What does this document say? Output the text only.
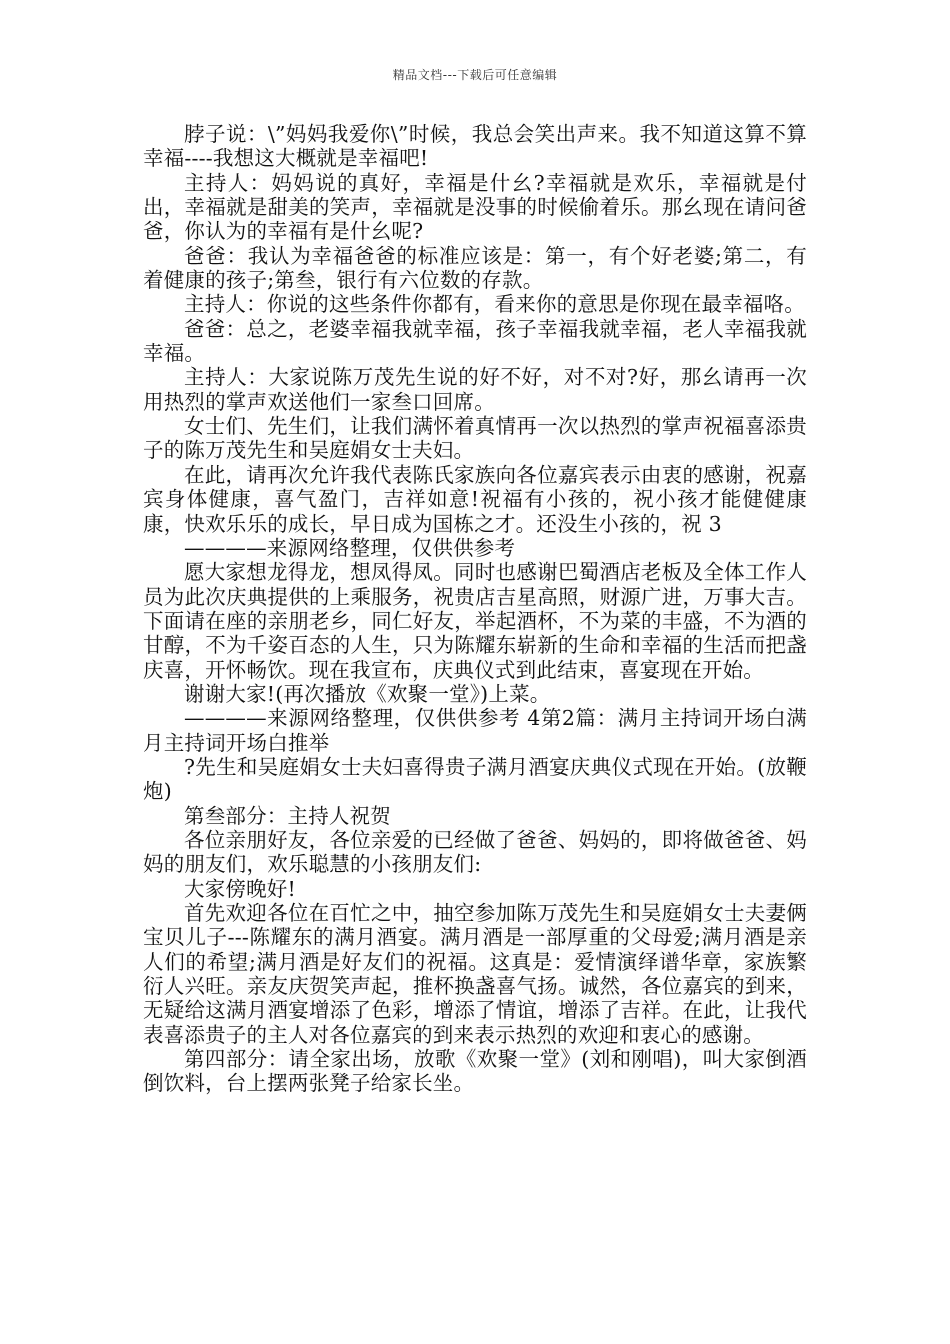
精品文档---下载后可任意编辑

脖子说：\”妈妈我爱你\”时候，我总会笑出声来。我不知道这算不算幸福----我想这大概就是幸福吧!

主持人：妈妈说的真好，幸福是什幺?幸福就是欢乐，幸福就是付出，幸福就是甜美的笑声，幸福就是没事的时候偷着乐。那幺现在请问爸爸，你认为的幸福有是什幺呢?

爸爸：我认为幸福爸爸的标准应该是：第一，有个好老婆;第二，有着健康的孩子;第叁，银行有六位数的存款。

主持人：你说的这些条件你都有，看来你的意思是你现在最幸福咯。

爸爸：总之，老婆幸福我就幸福，孩子幸福我就幸福，老人幸福我就幸福。

主持人：大家说陈万茂先生说的好不好，对不对?好，那幺请再一次用热烈的掌声欢送他们一家叁口回席。

女士们、先生们，让我们满怀着真情再一次以热烈的掌声祝福喜添贵子的陈万茂先生和吴庭娟女士夫妇。

在此，请再次允许我代表陈氏家族向各位嘉宾表示由衷的感谢，祝嘉宾身体健康，喜气盈门，吉祥如意!祝福有小孩的，祝小孩才能健健康康，快欢乐乐的成长，早日成为国栋之才。还没生小孩的，祝 3

————来源网络整理，仅供供参考

愿大家想龙得龙，想凤得凤。同时也感谢巴蜀酒店老板及全体工作人员为此次庆典提供的上乘服务，祝贵店吉星高照，财源广进，万事大吉。下面请在座的亲朋老乡，同仁好友，举起酒杯，不为菜的丰盛，不为酒的甘醇，不为千姿百态的人生，只为陈耀东崭新的生命和幸福的生活而把盏庆喜，开怀畅饮。现在我宣布，庆典仪式到此结束，喜宴现在开始。

谢谢大家!(再次播放《欢聚一堂》)上菜。

————来源网络整理，仅供供参考 4第2篇：满月主持词开场白满月主持词开场白推举

?先生和吴庭娟女士夫妇喜得贵子满月酒宴庆典仪式现在开始。(放鞭炮)

第叁部分：主持人祝贺

各位亲朋好友，各位亲爱的已经做了爸爸、妈妈的，即将做爸爸、妈妈的朋友们，欢乐聪慧的小孩朋友们:

大家傍晚好!

首先欢迎各位在百忙之中，抽空参加陈万茂先生和吴庭娟女士夫妻俩宝贝儿子---陈耀东的满月酒宴。满月酒是一部厚重的父母爱;满月酒是亲人们的希望;满月酒是好友们的祝福。这真是：爱情演绎谱华章，家族繁衍人兴旺。亲友庆贺笑声起，推杯换盏喜气扬。诚然，各位嘉宾的到来，无疑给这满月酒宴增添了色彩，增添了情谊，增添了吉祥。在此，让我代表喜添贵子的主人对各位嘉宾的到来表示热烈的欢迎和衷心的感谢。

第四部分：请全家出场，放歌《欢聚一堂》(刘和刚唱)，叫大家倒酒倒饮料，台上摆两张凳子给家长坐。
